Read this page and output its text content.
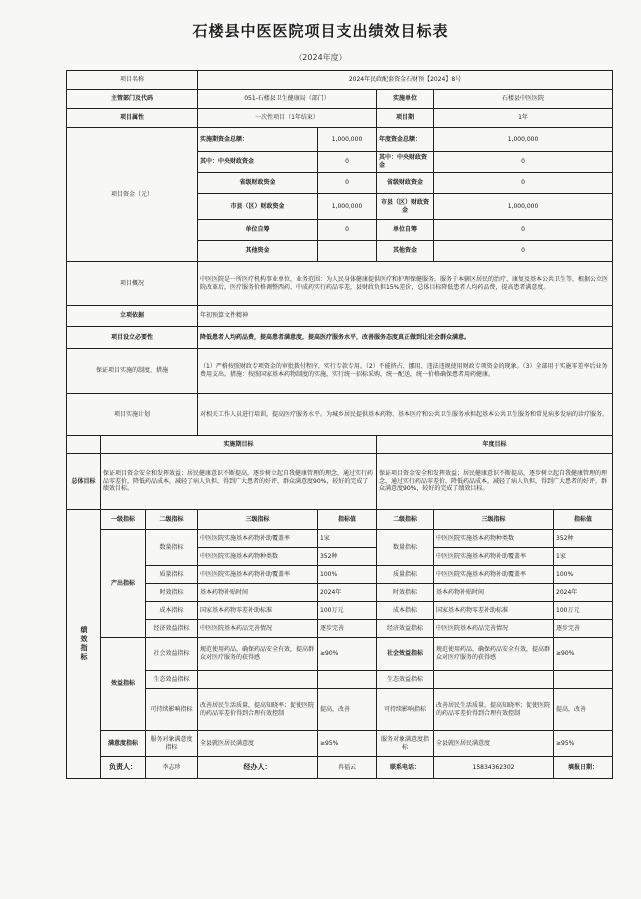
石楼县中医医院项目支出绩效目标表
（2024年度）
项目名称			2024年民政配套资金石财预【2024】8号					
主管部门及代码			051-石楼县卫生健康局（部门）		实施单位	石楼县中医医院		
项目属性			一次性项目（1年结束）		项目期	1年		
项目资金（元）			实施期资金总额：	1,000,000	年度资金总额：	1,000,000		
			其中：中央财政资金	0	其中：中央财政资金	0		
			省级财政资金	0	省级财政资金	0		
			市县（区）财政资金	1,000,000	市县（区）财政资金	1,000,000		
			单位自筹	0	单位自筹	0		
			其他资金		其他资金	0		
项目概况			中医医院是一所医疗机构事业单位，业务范围：为人民身体健康提供医疗和护理保健服务，服务于本辖区居民的治疗、康复及基本公共卫生等，根据公立医院改革后，医疗服务价格调整西药、中成药实行药品零差，县财政负担15%差价，总体目标降低患者人均药品费，提高患者满意度。					
立项依据			年初预算文件精神					
项目设立必要性			降低患者人均药品费，提高患者满意度，提高医疗服务水平，改善服务态度真正做到让社会群众满意。					
保证项目实施的制度、措施			（1）严格按照财政专项资金的审批拨付程序，实行专款专用。（2）不能挤占、挪用、违法违规使用财政专项资金的现象。（3）全部用于实施零差率后业务费用支出。措施：按照国家基本药物制度的实施，实行统一招标采购，统一配送，统一价格确保患者用药健康。					
项目实施计划			对相关工作人员进行培训，提高医疗服务水平。为城乡居民提供基本药物、基本医疗和公共卫生服务承担起基本公共卫生服务和常见病多发病的诊疗服务。					
	实施期目标				年度目标			
总体目标	保证项目资金安全和发挥效益；居民健康意识不断提高，逐步树立起自我健康管理的理念，通过实行药品零差价，降低药品成本，减轻了病人负担，得到广大患者的好评，群众满意度90%，较好的完成了绩效目标。				保证项目资金安全和发挥效益；居民健康意识不断提高，逐步树立起自我健康管理的理念，通过实行药品零差价，降低药品成本，减轻了病人负担，得到广大患者的好评，群众满意度90%，较好的完成了绩效目标。			
绩效指标	一级指标	二级指标	三级指标	指标值	二级指标	三级指标	指标值	
	产出指标	数量指标	中医医院实施基本药物补助覆盖率	1家	数量指标	中医医院实施基本药物种类数	352种	
			中医医院实施基本药物种类数	352种		中医医院实施基本药物补助覆盖率	1家	
		质量指标	中医医院实施基本药物补助覆盖率	100%	质量指标	中医医院实施基本药物补助覆盖率	100%	
		时效指标	基本药物补贴时间	2024年	时效指标	基本药物补贴时间	2024年	
		成本指标	国家基本药物零差补助标准	100万元	成本指标	国家基本药物零差补助标准	100万元	
		经济效益指标	中医医院基本药品完善情况	逐步完善	经济效益指标	中医医院基本药品完善情况	逐步完善	
	效益指标	社会效益指标	规范使用药品，确保药品安全有效，提高群众对医疗服务的获得感	≥90%	社会效益指标	规范使用药品，确保药品安全有效，提高群众对医疗服务的获得感	≥90%	
		生态效益指标			生态效益指标			
		可持续影响指标	改善居民生活质量，提高知晓率；促使医院的药品零差价得到合理有效控制	提高，改善	可持续影响指标	改善居民生活质量，提高知晓率；促使医院的药品零差价得到合理有效控制	提高，改善	
	满意度指标	服务对象满意度指标	全县就医居民满意度	≥95%	服务对象满意度指标	全县就医居民满意度	≥95%	
	负责人：	李志珍	经办人：	冉福云	联系电话：	15834362302	填报日期：	
